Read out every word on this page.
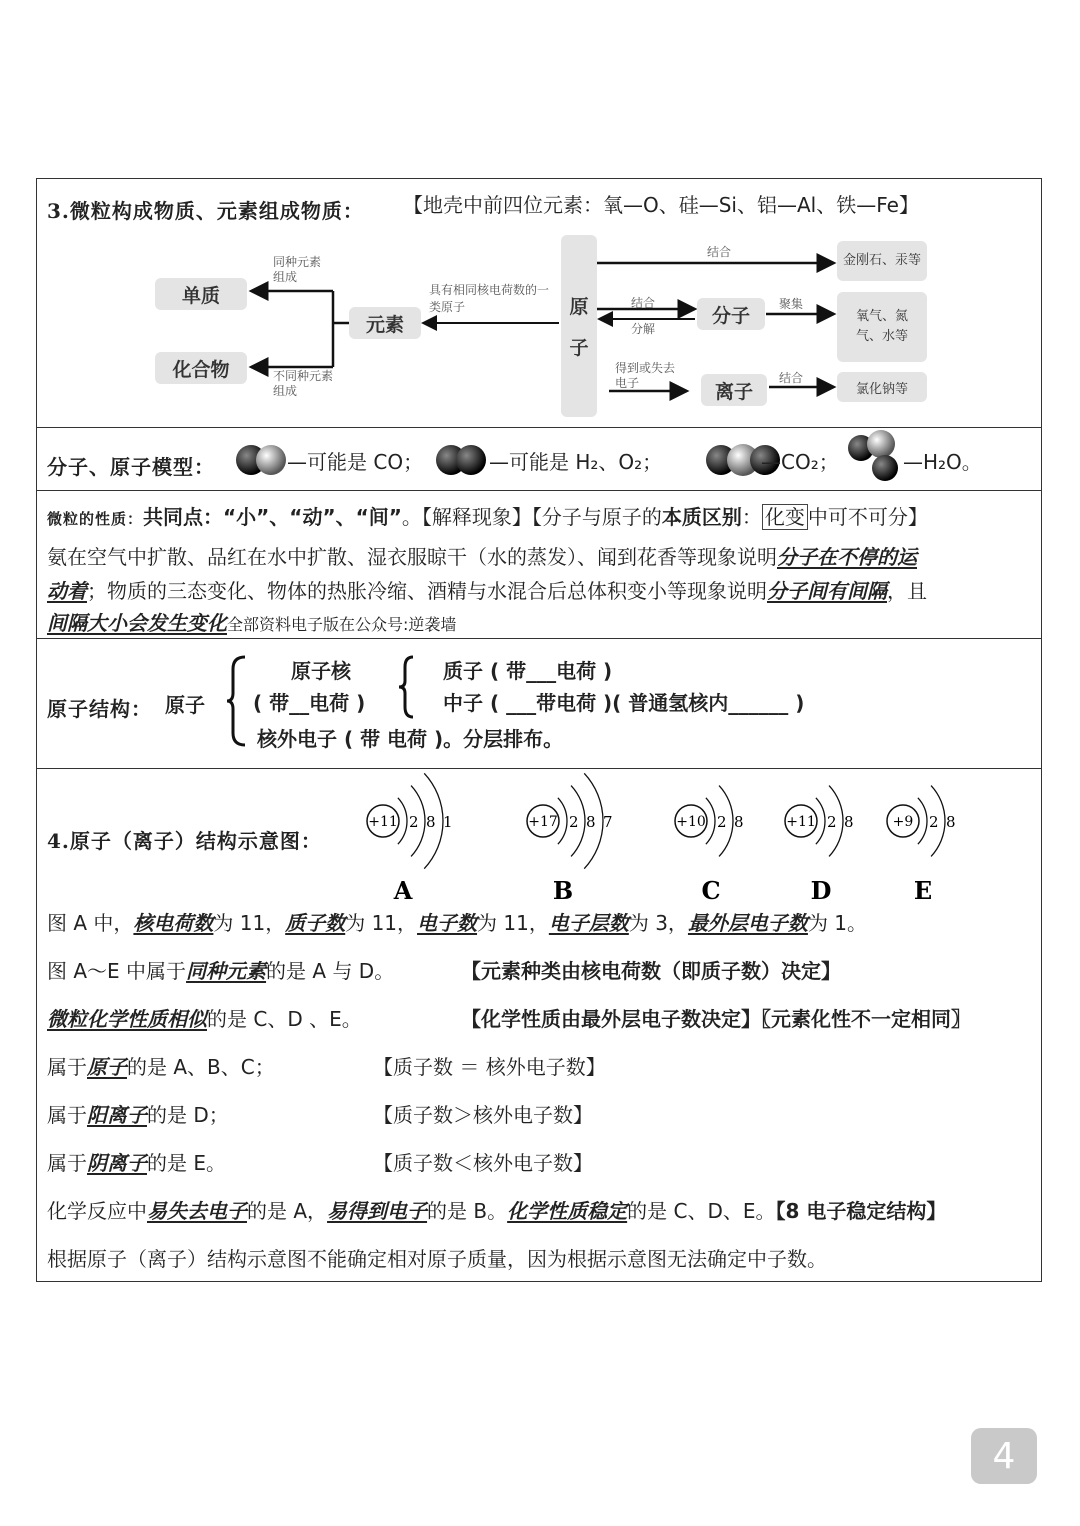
3.微粒构成物质、元素组成物质： 【地壳中前四位元素：氧—O、硅—Si、铝—Al、铁—Fe】
单质
化合物
元素
原
子
分子
离子
金刚石、汞等
氧气、氮气、水等
氯化钠等
同种元素组成
不同种元素组成
具有相同核电荷数的一类原子
结合
结合
分解
聚集
得到或失去电子	结合
分子、原子模型：	—可能是 CO；	—可能是 H₂、O₂；	—CO₂；	—H₂O。
微粒的性质：共同点：“小”、“动”、“间”。【解释现象】【分子与原子的本质区别： 化变 中可不可分】
氨在空气中扩散、品红在水中扩散、湿衣服晾干（水的蒸发）、闻到花香等现象说明分子在不停的运
动着；物质的三态变化、物体的热胀冷缩、酒精与水混合后总体积变小等现象说明分子间有间隔，且
间隔大小会发生变化全部资料电子版在公众号:逆袭墙
原子结构： 原子
原子核
( 带__电荷 )
质子 ( 带___电荷 )
中子 ( ___带电荷 )( 普通氢核内______ )
核外电子 ( 带 电荷 )。分层排布。
4.原子（离子）结构示意图：
+11 2 8 1
A
+17 2 8 7
B
+10 2 8
C
+11 2 8
D
+9 2 8
E
图 A 中，核电荷数为 11，质子数为 11，电子数为 11，电子层数为 3，最外层电子数为 1。
图 A～E 中属于同种元素的是 A 与 D。	【元素种类由核电荷数（即质子数）决定】
微粒化学性质相似的是 C、D 、E。	【化学性质由最外层电子数决定】〖元素化性不一定相同〗
属于原子的是 A、B、C；	【质子数 ＝ 核外电子数】
属于阳离子的是 D；	【质子数＞核外电子数】
属于阴离子的是 E。	【质子数＜核外电子数】
化学反应中易失去电子的是 A，易得到电子的是 B。化学性质稳定的是 C、D、E。【8 电子稳定结构】
根据原子（离子）结构示意图不能确定相对原子质量，因为根据示意图无法确定中子数。
4
